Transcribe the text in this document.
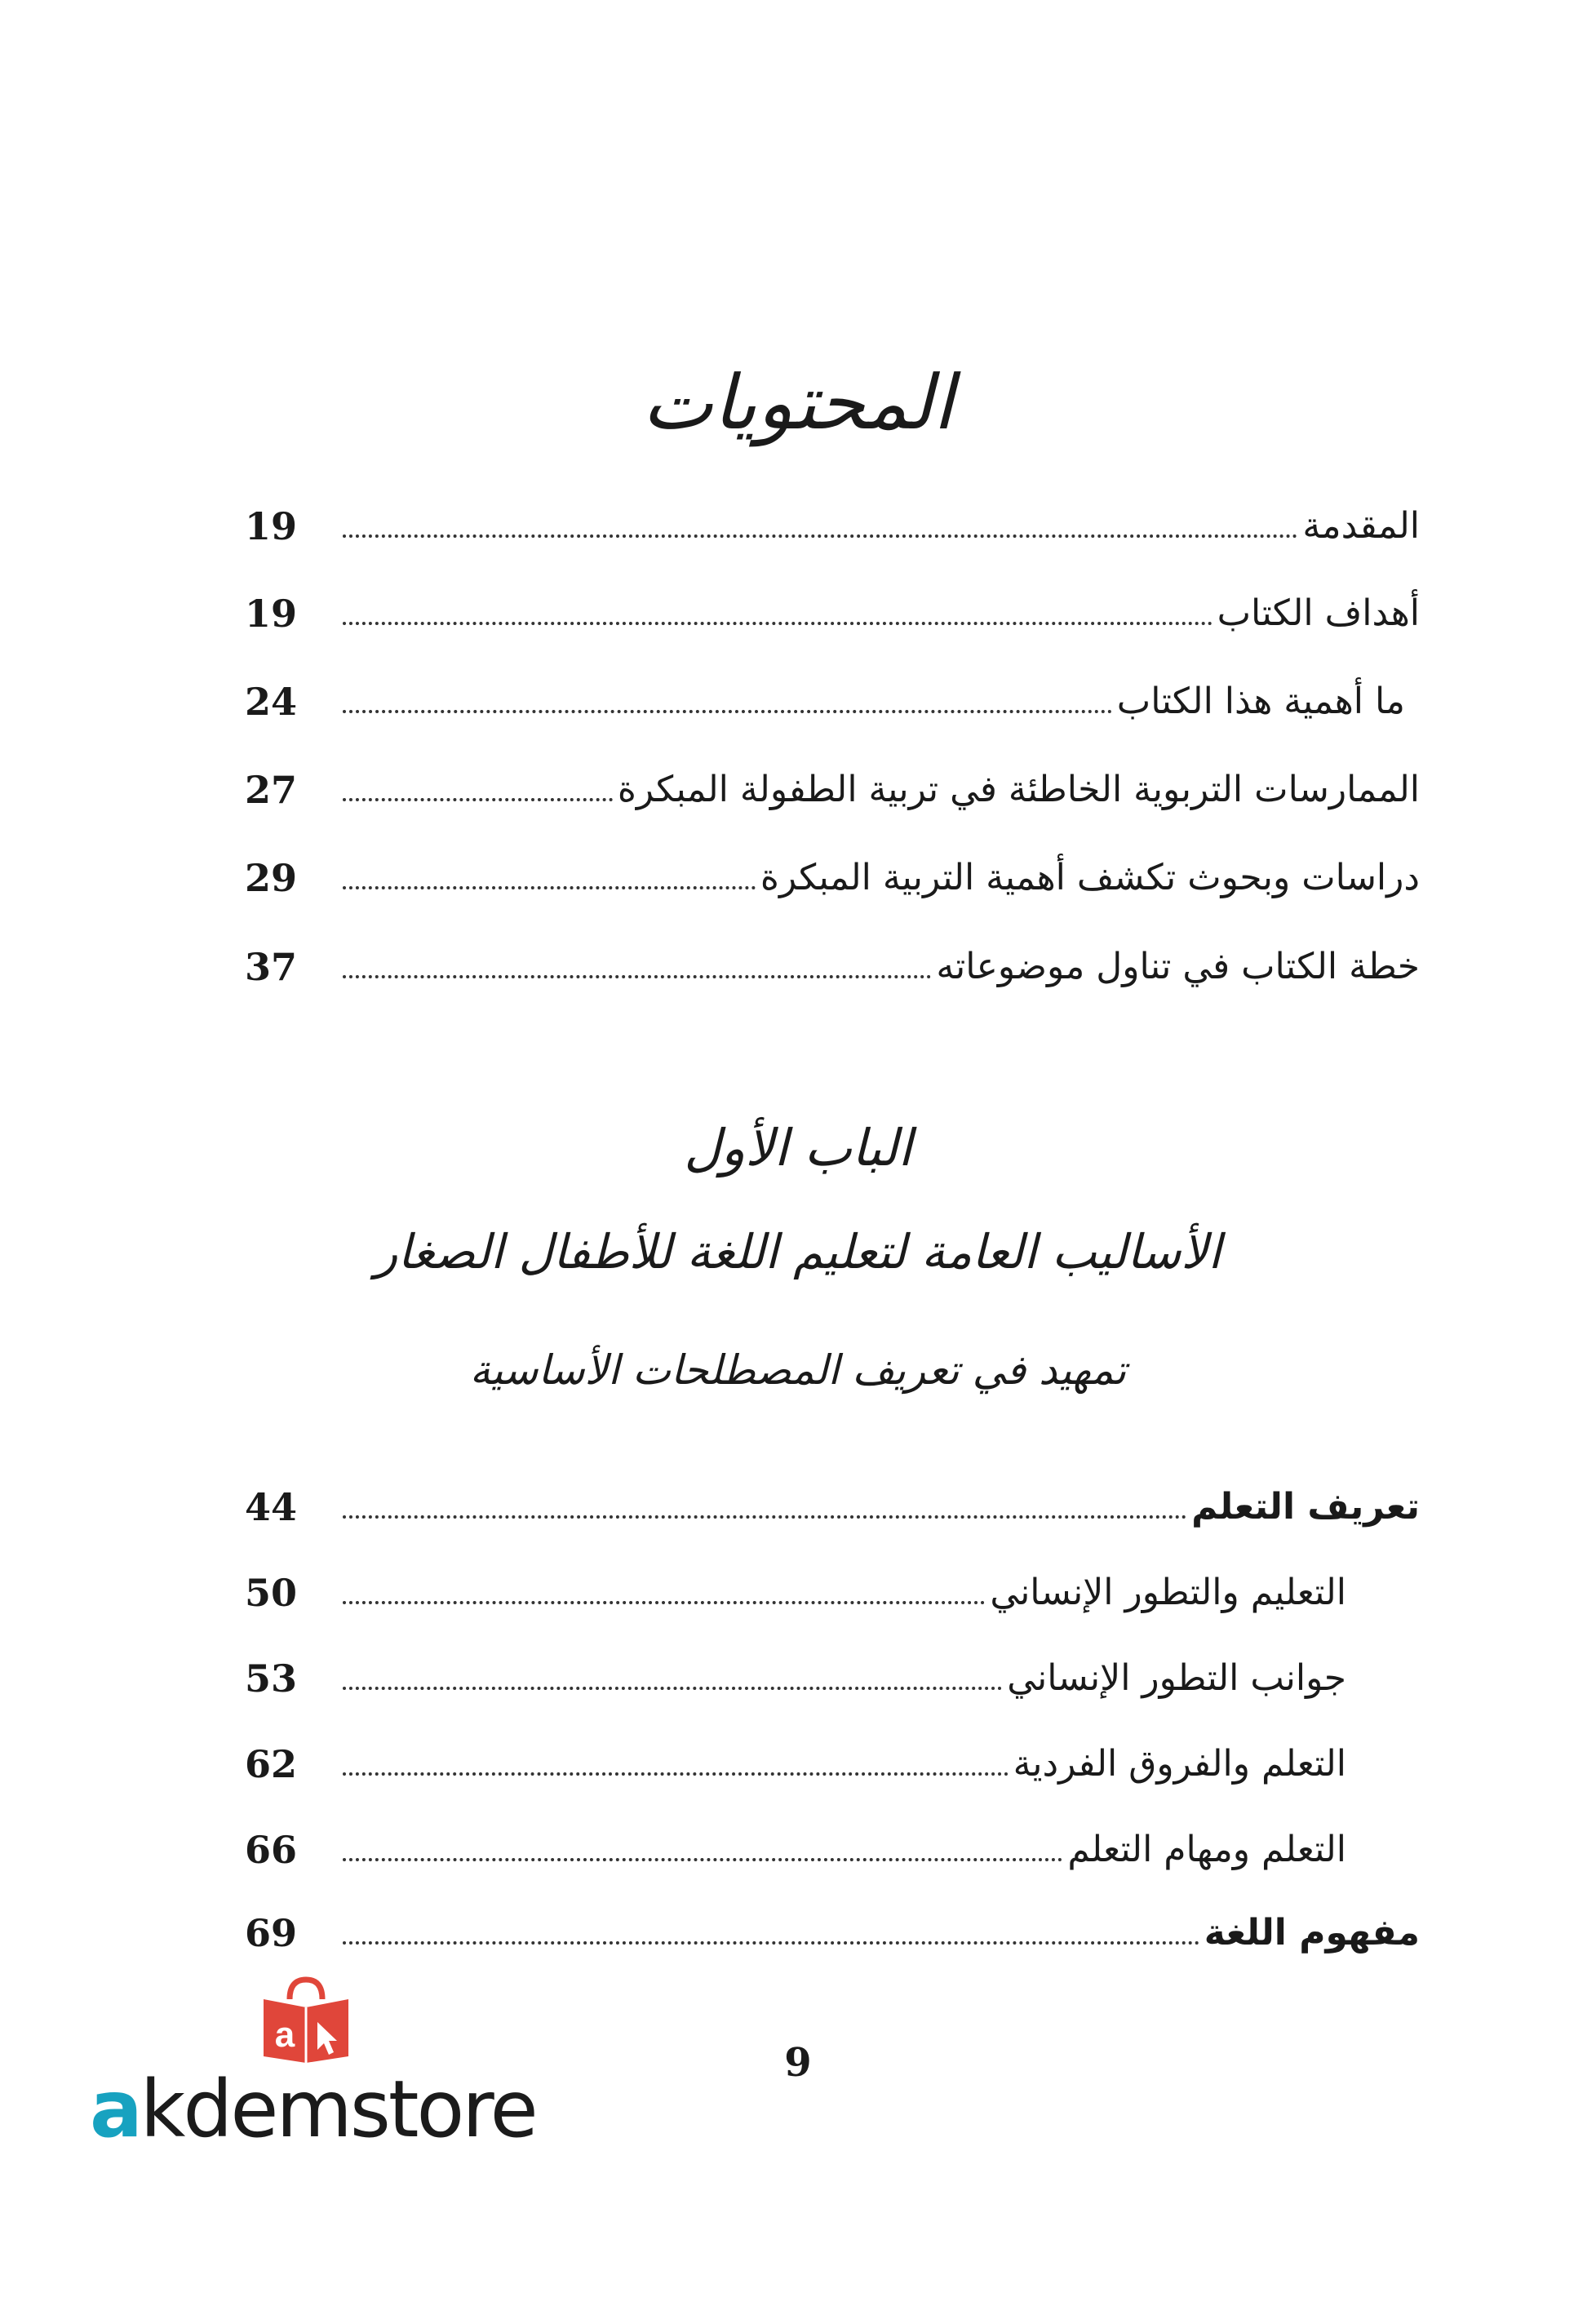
المحتويات
19	المقدمة
19	أهداف الكتاب
24	ما أهمية هذا الكتاب
27	الممارسات التربوية الخاطئة في تربية الطفولة المبكرة
29	دراسات وبحوث تكشف أهمية التربية المبكرة
37	خطة الكتاب في تناول موضوعاته
الباب الأول
الأساليب العامة لتعليم اللغة للأطفال الصغار
تمهيد في تعريف المصطلحات الأساسية
44	تعريف التعلم
50	التعليم والتطور الإنساني
53	جوانب التطور الإنساني
62	التعلم والفروق الفردية
66	التعلم ومهام التعلم
69	مفهوم اللغة
9
a
akdemstore
